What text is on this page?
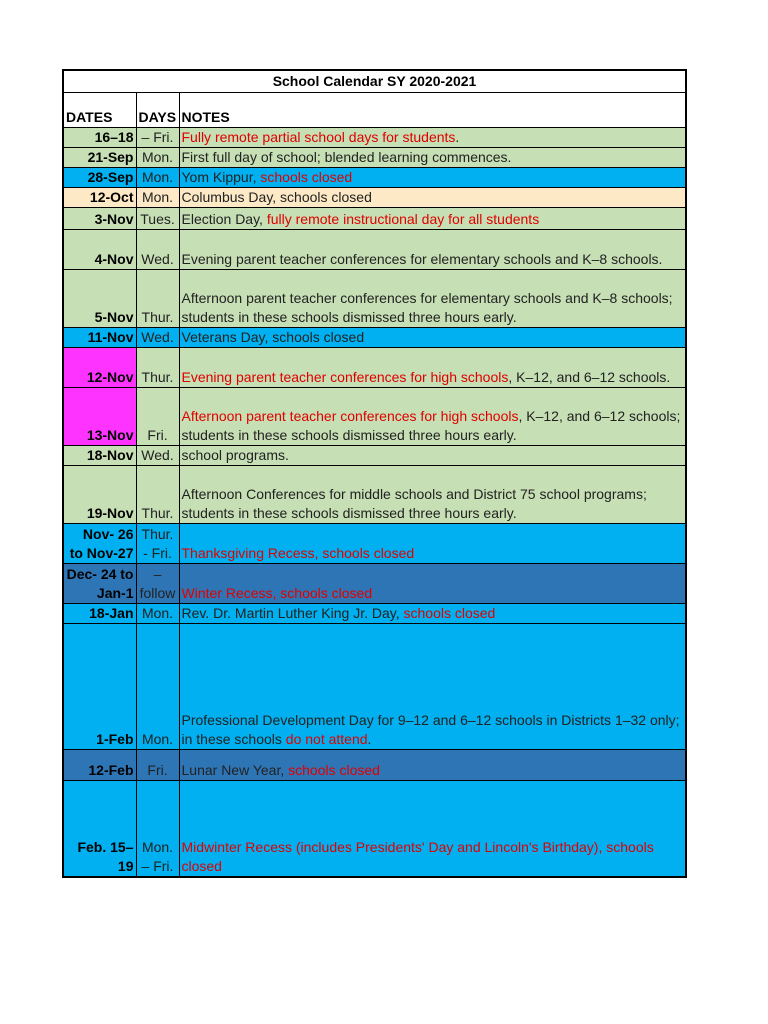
School Calendar SY 2020-2021		
DATES	DAYS	NOTES
16–18	– Fri.	Fully remote partial school days for students.
21-Sep	Mon.	First full day of school; blended learning commences.
28-Sep	Mon.	Yom Kippur, schools closed
12-Oct	Mon.	Columbus Day, schools closed
3-Nov	Tues.	Election Day, fully remote instructional day for all students
4-Nov	Wed.	Evening parent teacher conferences for elementary schools and K–8 schools.
5-Nov	Thur.	Afternoon parent teacher conferences for elementary schools and K–8 schools; students in these schools dismissed three hours early.
11-Nov	Wed.	Veterans Day, schools closed
12-Nov	Thur.	Evening parent teacher conferences for high schools, K–12, and 6–12 schools.
13-Nov	Fri.	Afternoon parent teacher conferences for high schools, K–12, and 6–12 schools; students in these schools dismissed three hours early.
18-Nov	Wed.	school programs.
19-Nov	Thur.	Afternoon Conferences for middle schools and District 75 school programs; students in these schools dismissed three hours early.
Nov- 26 to Nov-27	Thur. - Fri.	Thanksgiving Recess, schools closed
Dec- 24 to Jan-1	– follow	Winter Recess, schools closed
18-Jan	Mon.	Rev. Dr. Martin Luther King Jr. Day, schools closed
1-Feb	Mon.	Professional Development Day for 9–12 and 6–12 schools in Districts 1–32 only; in these schools do not attend.
12-Feb	Fri.	Lunar New Year, schools closed
Feb. 15–19	Mon. – Fri.	Midwinter Recess (includes Presidents' Day and Lincoln's Birthday), schools closed
